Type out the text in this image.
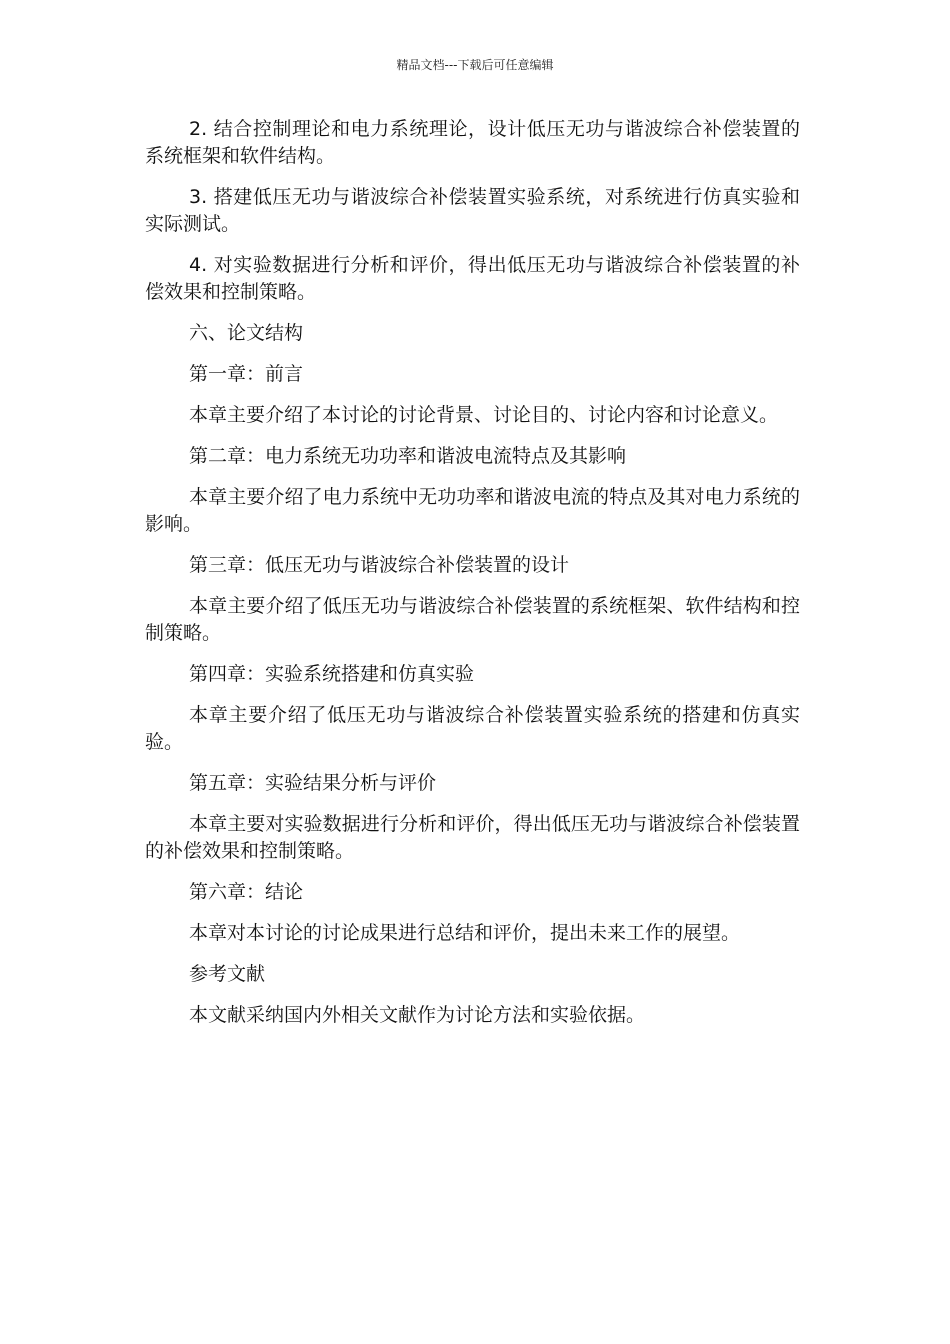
精品文档---下载后可任意编辑

2. 结合控制理论和电力系统理论，设计低压无功与谐波综合补偿装置的系统框架和软件结构。

3. 搭建低压无功与谐波综合补偿装置实验系统，对系统进行仿真实验和实际测试。

4. 对实验数据进行分析和评价，得出低压无功与谐波综合补偿装置的补偿效果和控制策略。

六、论文结构

第一章：前言

本章主要介绍了本讨论的讨论背景、讨论目的、讨论内容和讨论意义。

第二章：电力系统无功功率和谐波电流特点及其影响

本章主要介绍了电力系统中无功功率和谐波电流的特点及其对电力系统的影响。

第三章：低压无功与谐波综合补偿装置的设计

本章主要介绍了低压无功与谐波综合补偿装置的系统框架、软件结构和控制策略。

第四章：实验系统搭建和仿真实验

本章主要介绍了低压无功与谐波综合补偿装置实验系统的搭建和仿真实验。

第五章：实验结果分析与评价

本章主要对实验数据进行分析和评价，得出低压无功与谐波综合补偿装置的补偿效果和控制策略。

第六章：结论

本章对本讨论的讨论成果进行总结和评价，提出未来工作的展望。

参考文献

本文献采纳国内外相关文献作为讨论方法和实验依据。
